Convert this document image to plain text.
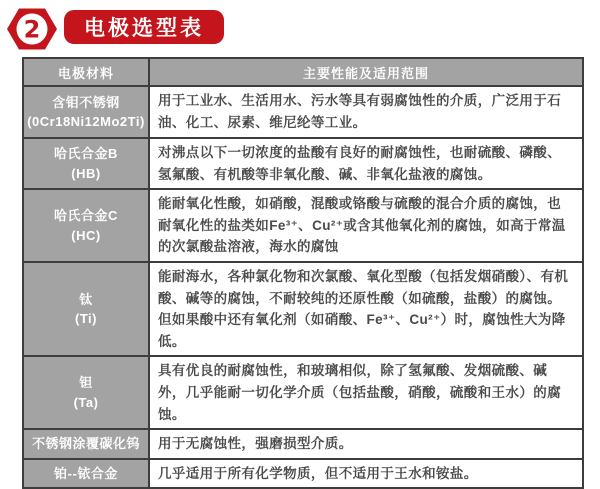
2 电极选型表
电极材料	主要性能及适用范围

含钼不锈钢
(0Cr18Ni12Mo2Ti)	用于工业水、生活用水、污水等具有弱腐蚀性的介质，广泛用于石油、化工、尿素、维尼纶等工业。

哈氏合金B
(HB)	对沸点以下一切浓度的盐酸有良好的耐腐蚀性，也耐硫酸、磷酸、氢氟酸、有机酸等非氧化酸、碱、非氧化盐液的腐蚀。

哈氏合金C
(HC)	能耐氧化性酸，如硝酸，混酸或铬酸与硫酸的混合介质的腐蚀，也耐氧化性的盐类如Fe³⁺、Cu²⁺或含其他氧化剂的腐蚀，如高于常温的次氯酸盐溶液，海水的腐蚀

钛
(Ti)	能耐海水，各种氯化物和次氯酸、氧化型酸（包括发烟硝酸）、有机酸、碱等的腐蚀，不耐较纯的还原性酸（如硫酸，盐酸）的腐蚀。但如果酸中还有氧化剂（如硝酸、Fe³⁺、Cu²⁺）时，腐蚀性大为降低。

钽
(Ta)	具有优良的耐腐蚀性，和玻璃相似，除了氢氟酸、发烟硫酸、碱外，几乎能耐一切化学介质（包括盐酸，硝酸，硫酸和王水）的腐蚀。

不锈钢涂覆碳化钨	用于无腐蚀性，强磨损型介质。

铂--铱合金	几乎适用于所有化学物质，但不适用于王水和铵盐。
